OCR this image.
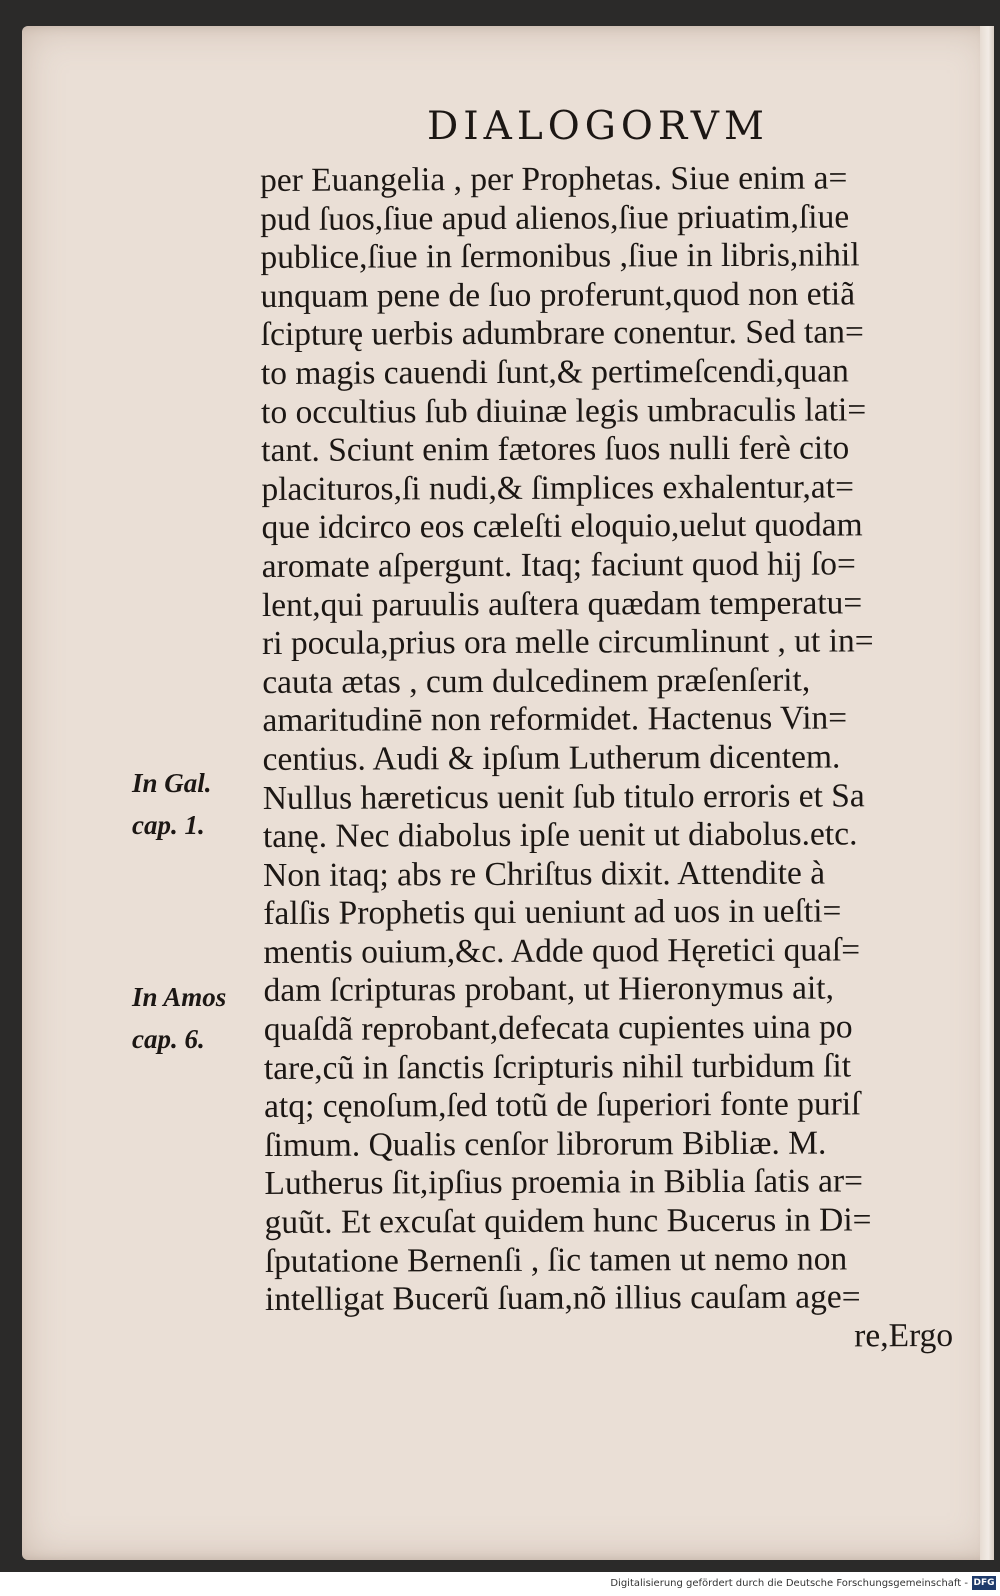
DIALOGORVM
per Euangelia , per Prophetas. Siue enim a=
pud ſuos,ſiue apud alienos,ſiue priuatim,ſiue
publice,ſiue in ſermonibus ,ſiue in libris,nihil
unquam pene de ſuo proferunt,quod non etiã
ſcipturę uerbis adumbrare conentur. Sed tan=
to magis cauendi ſunt,& pertimeſcendi,quan
to occultius ſub diuinæ legis umbraculis lati=
tant. Sciunt enim fætores ſuos nulli ferè cito
placituros,ſi nudi,& ſimplices exhalentur,at=
que idcirco eos cæleſti eloquio,uelut quodam
aromate aſpergunt. Itaq; faciunt quod hij ſo=
lent,qui paruulis auſtera quædam temperatu=
ri pocula,prius ora melle circumlinunt , ut in=
cauta ætas , cum dulcedinem præſenſerit,
amaritudinē non reformidet. Hactenus Vin=
centius. Audi & ipſum Lutherum dicentem.
Nullus hæreticus uenit ſub titulo erroris et Sa
tanę. Nec diabolus ipſe uenit ut diabolus.etc.
Non itaq; abs re Chriſtus dixit. Attendite à
falſis Prophetis qui ueniunt ad uos in ueſti=
mentis ouium,&c. Adde quod Hęretici quaſ=
dam ſcripturas probant, ut Hieronymus ait,
quaſdã reprobant,defecata cupientes uina po
tare,cũ in ſanctis ſcripturis nihil turbidum ſit
atq; cęnoſum,ſed totũ de ſuperiori fonte puriſ
ſimum. Qualis cenſor librorum Bibliæ. M.
Lutherus ſit,ipſius proemia in Biblia ſatis ar=
guũt. Et excuſat quidem hunc Bucerus in Di=
ſputatione Bernenſi , ſic tamen ut nemo non
intelligat Bucerũ ſuam,nõ illius cauſam age=
re,Ergo
In Gal.
cap. 1.
In Amos
cap. 6.
Digitalisierung gefördert durch die Deutsche Forschungsgemeinschaft - DFG
